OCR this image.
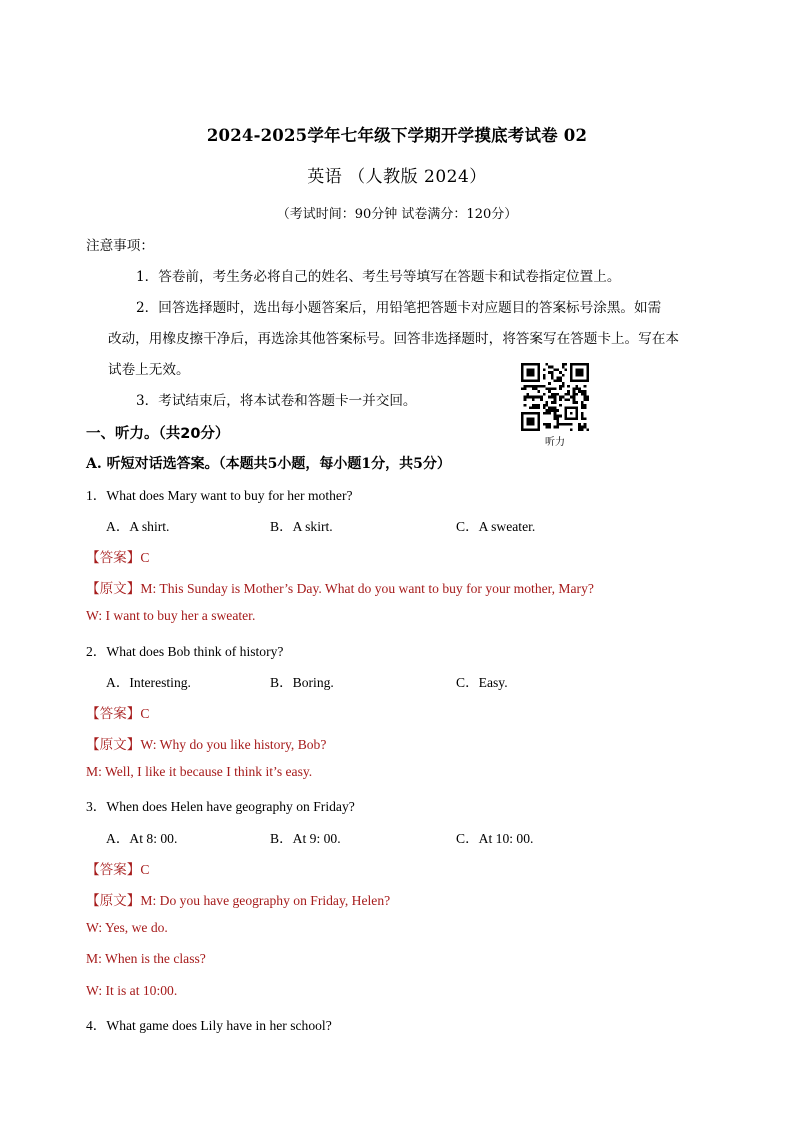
2024-2025学年七年级下学期开学摸底考试卷 02
英语 （人教版 2024）
（考试时间：90分钟 试卷满分：120分）
注意事项：
1．答卷前，考生务必将自己的姓名、考生号等填写在答题卡和试卷指定位置上。
2．回答选择题时，选出每小题答案后，用铅笔把答题卡对应题目的答案标号涂黑。如需
改动，用橡皮擦干净后，再选涂其他答案标号。回答非选择题时，将答案写在答题卡上。写在本
试卷上无效。
3．考试结束后，将本试卷和答题卡一并交回。
听力
一、听力。（共20分）
A. 听短对话选答案。（本题共5小题，每小题1分，共5分）
1．What does Mary want to buy for her mother?
A．A shirt.	B．A skirt.	C．A sweater.
【答案】C
【原文】M: This Sunday is Mother’s Day. What do you want to buy for your mother, Mary?
W: I want to buy her a sweater.
2．What does Bob think of history?
A．Interesting.	B．Boring.	C．Easy.
【答案】C
【原文】W: Why do you like history, Bob?
M: Well, I like it because I think it’s easy.
3．When does Helen have geography on Friday?
A．At 8: 00.	B．At 9: 00.	C．At 10: 00.
【答案】C
【原文】M: Do you have geography on Friday, Helen?
W: Yes, we do.
M: When is the class?
W: It is at 10:00.
4．What game does Lily have in her school?
